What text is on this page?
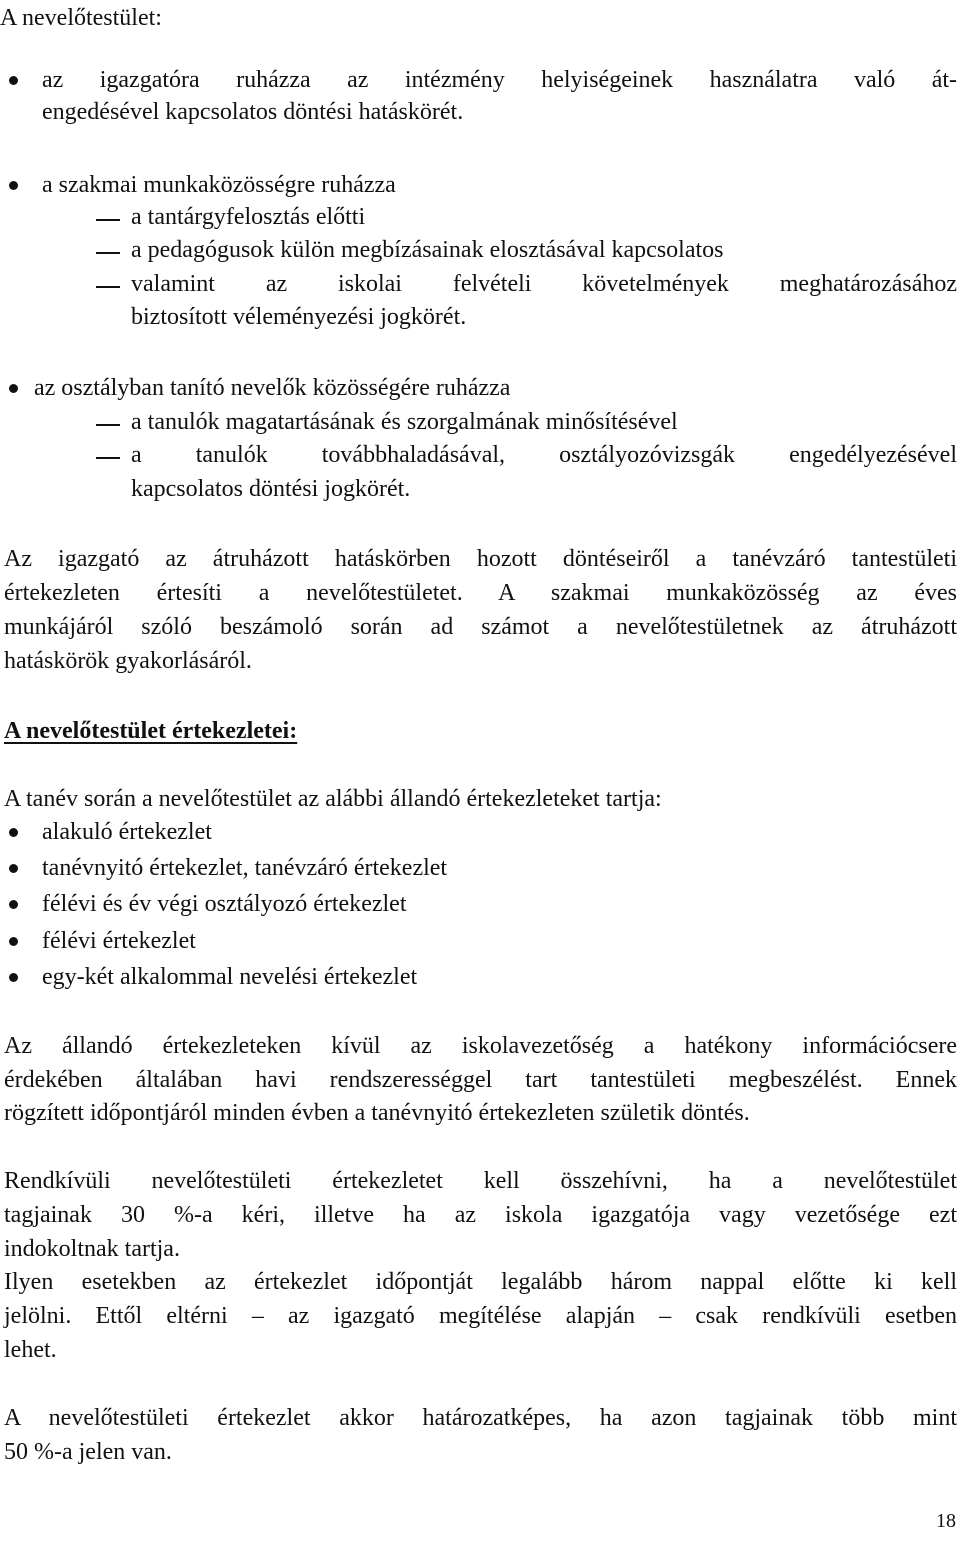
A nevelőtestület:
az igazgatóra ruházza az intézmény helyiségeinek használatra való át-
engedésével kapcsolatos döntési hatáskörét.
a szakmai munkaközösségre ruházza
a tantárgyfelosztás előtti
a pedagógusok külön megbízásainak elosztásával kapcsolatos
valamint az iskolai felvételi követelmények meghatározásához
biztosított véleményezési jogkörét.
az osztályban tanító nevelők közösségére ruházza
a tanulók magatartásának és szorgalmának minősítésével
a tanulók továbbhaladásával, osztályozóvizsgák engedélyezésével
kapcsolatos döntési jogkörét.
Az igazgató az átruházott hatáskörben hozott döntéseiről a tanévzáró tantestületi
értekezleten értesíti a nevelőtestületet. A szakmai munkaközösség az éves
munkájáról szóló beszámoló során ad számot a nevelőtestületnek az átruházott
hatáskörök gyakorlásáról.
A nevelőtestület értekezletei:
A tanév során a nevelőtestület az alábbi állandó értekezleteket tartja:
alakuló értekezlet
tanévnyitó értekezlet, tanévzáró értekezlet
félévi és év végi osztályozó értekezlet
félévi értekezlet
egy-két alkalommal nevelési értekezlet
Az állandó értekezleteken kívül az iskolavezetőség a hatékony információcsere
érdekében általában havi rendszerességgel tart tantestületi megbeszélést. Ennek
rögzített időpontjáról minden évben a tanévnyitó értekezleten születik döntés.
Rendkívüli nevelőtestületi értekezletet kell összehívni, ha a nevelőtestület
tagjainak 30 %-a kéri, illetve ha az iskola igazgatója vagy vezetősége ezt
indokoltnak tartja.
Ilyen esetekben az értekezlet időpontját legalább három nappal előtte ki kell
jelölni. Ettől eltérni – az igazgató megítélése alapján – csak rendkívüli esetben
lehet.
A nevelőtestületi értekezlet akkor határozatképes, ha azon tagjainak több mint
50 %-a jelen van.
18
